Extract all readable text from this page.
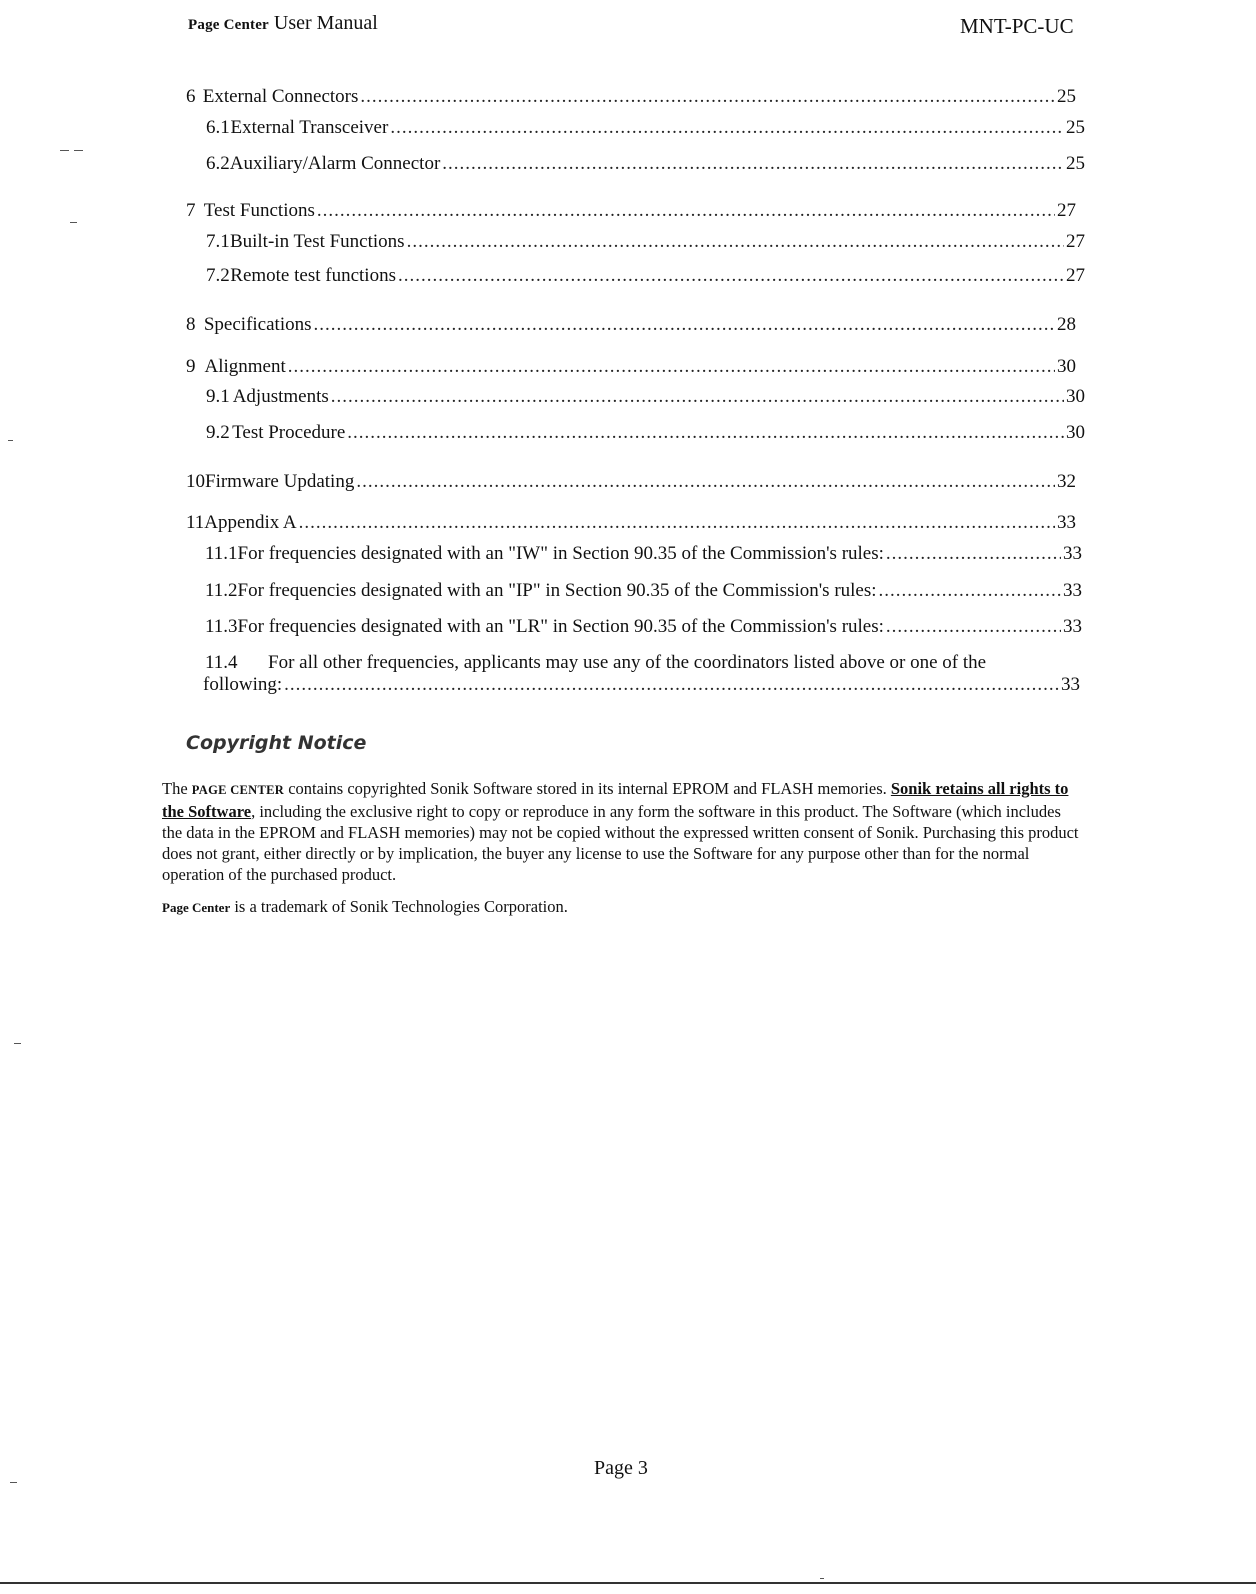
Page Center User Manual	MNT-PC-UC
6 External Connectors .....	25
6.1 External Transceiver .....	25
6.2 Auxiliary/Alarm Connector .....	25
7 Test Functions .....	27
7.1 Built-in Test Functions .....	27
7.2 Remote test functions .....	27
8 Specifications .....	28
9 Alignment .....	30
9.1 Adjustments .....	30
9.2 Test Procedure .....	30
10 Firmware Updating .....	32
11 Appendix A .....	33
11.1 For frequencies designated with an "IW" in Section 90.35 of the Commission's rules: .....	33
11.2 For frequencies designated with an "IP" in Section 90.35 of the Commission's rules: .....	33
11.3 For frequencies designated with an "LR" in Section 90.35 of the Commission's rules: .....	33
11.4 For all other frequencies, applicants may use any of the coordinators listed above or one of the
following: .....	33
Copyright Notice
The PAGE CENTER contains copyrighted Sonik Software stored in its internal EPROM and FLASH memories. Sonik retains all rights to the Software, including the exclusive right to copy or reproduce in any form the software in this product. The Software (which includes the data in the EPROM and FLASH memories) may not be copied without the expressed written consent of Sonik. Purchasing this product does not grant, either directly or by implication, the buyer any license to use the Software for any purpose other than for the normal operation of the purchased product.
Page Center is a trademark of Sonik Technologies Corporation.
Page 3
